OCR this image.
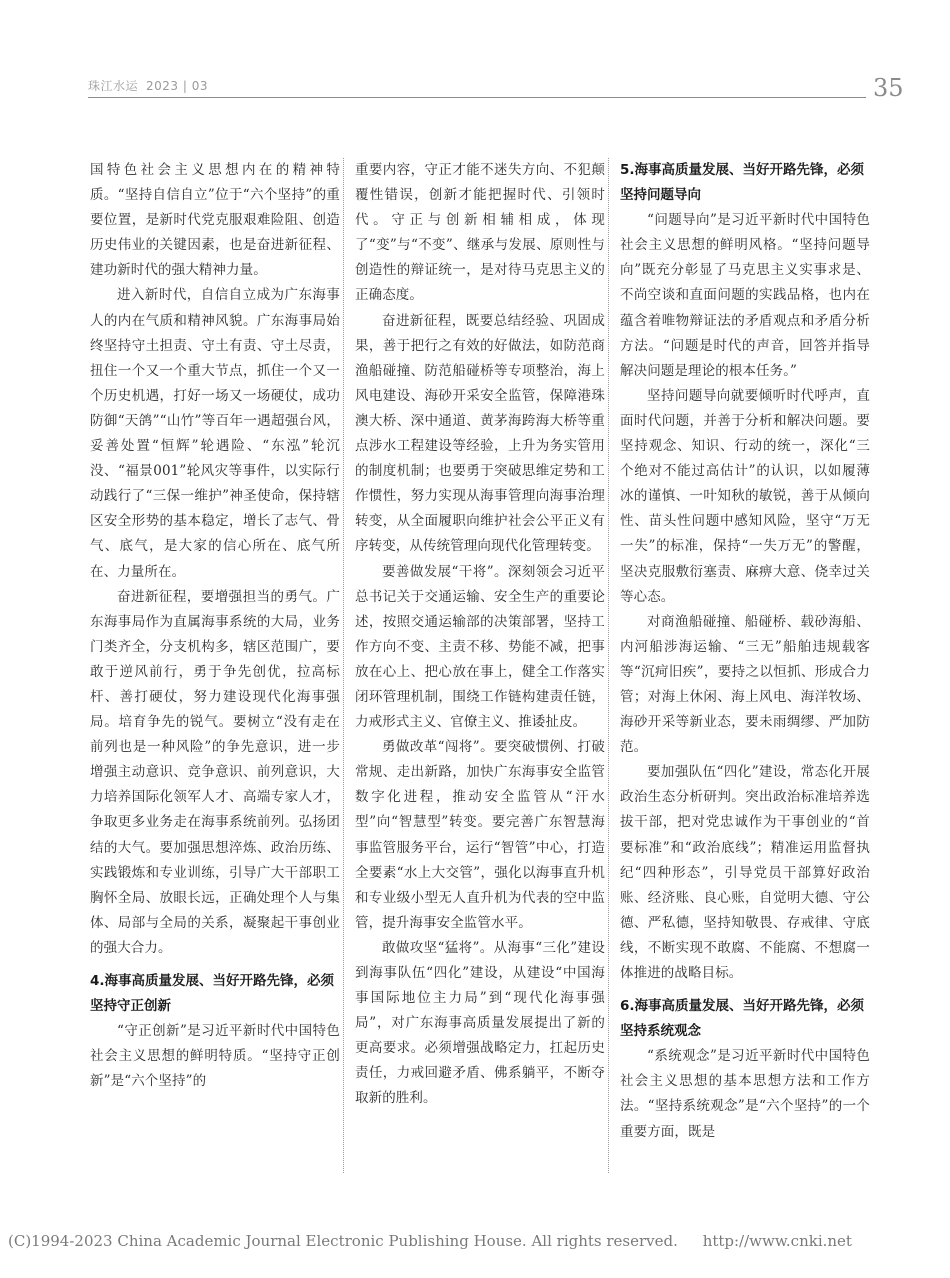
珠江水运 2023 | 03	35

国特色社会主义思想内在的精神特质。“坚持自信自立”位于“六个坚持”的重要位置，是新时代党克服艰难险阻、创造历史伟业的关键因素，也是奋进新征程、建功新时代的强大精神力量。

进入新时代，自信自立成为广东海事人的内在气质和精神风貌。广东海事局始终坚持守土担责、守土有责、守土尽责，扭住一个又一个重大节点，抓住一个又一个历史机遇，打好一场又一场硬仗，成功防御“天鸽”“山竹”等百年一遇超强台风，妥善处置“恒辉”轮遇险、“东泓”轮沉没、“福景001”轮风灾等事件，以实际行动践行了“三保一维护”神圣使命，保持辖区安全形势的基本稳定，增长了志气、骨气、底气，是大家的信心所在、底气所在、力量所在。

奋进新征程，要增强担当的勇气。广东海事局作为直属海事系统的大局，业务门类齐全，分支机构多，辖区范围广，要敢于逆风前行，勇于争先创优，拉高标杆、善打硬仗，努力建设现代化海事强局。培育争先的锐气。要树立“没有走在前列也是一种风险”的争先意识，进一步增强主动意识、竞争意识、前列意识，大力培养国际化领军人才、高端专家人才，争取更多业务走在海事系统前列。弘扬团结的大气。要加强思想淬炼、政治历练、实践锻炼和专业训练，引导广大干部职工胸怀全局、放眼长远，正确处理个人与集体、局部与全局的关系，凝聚起干事创业的强大合力。

4.海事高质量发展、当好开路先锋，必须坚持守正创新

“守正创新”是习近平新时代中国特色社会主义思想的鲜明特质。“坚持守正创新”是“六个坚持”的

重要内容，守正才能不迷失方向、不犯颠覆性错误，创新才能把握时代、引领时代。守正与创新相辅相成，体现了“变”与“不变”、继承与发展、原则性与创造性的辩证统一，是对待马克思主义的正确态度。

奋进新征程，既要总结经验、巩固成果，善于把行之有效的好做法，如防范商渔船碰撞、防范船碰桥等专项整治，海上风电建设、海砂开采安全监管，保障港珠澳大桥、深中通道、黄茅海跨海大桥等重点涉水工程建设等经验，上升为务实管用的制度机制；也要勇于突破思维定势和工作惯性，努力实现从海事管理向海事治理转变，从全面履职向维护社会公平正义有序转变，从传统管理向现代化管理转变。

要善做发展“干将”。深刻领会习近平总书记关于交通运输、安全生产的重要论述，按照交通运输部的决策部署，坚持工作方向不变、主责不移、势能不减，把事放在心上、把心放在事上，健全工作落实闭环管理机制，围绕工作链构建责任链，力戒形式主义、官僚主义、推诿扯皮。

勇做改革“闯将”。要突破惯例、打破常规、走出新路，加快广东海事安全监管数字化进程，推动安全监管从“汗水型”向“智慧型”转变。要完善广东智慧海事监管服务平台，运行“智管”中心，打造全要素“水上大交管”，强化以海事直升机和专业级小型无人直升机为代表的空中监管，提升海事安全监管水平。

敢做攻坚“猛将”。从海事“三化”建设到海事队伍“四化”建设，从建设“中国海事国际地位主力局”到“现代化海事强局”，对广东海事高质量发展提出了新的更高要求。必须增强战略定力，扛起历史责任，力戒回避矛盾、佛系躺平，不断夺取新的胜利。

5.海事高质量发展、当好开路先锋，必须坚持问题导向

“问题导向”是习近平新时代中国特色社会主义思想的鲜明风格。“坚持问题导向”既充分彰显了马克思主义实事求是、不尚空谈和直面问题的实践品格，也内在蕴含着唯物辩证法的矛盾观点和矛盾分析方法。“问题是时代的声音，回答并指导解决问题是理论的根本任务。”

坚持问题导向就要倾听时代呼声，直面时代问题，并善于分析和解决问题。要坚持观念、知识、行动的统一，深化“三个绝对不能过高估计”的认识，以如履薄冰的谨慎、一叶知秋的敏锐，善于从倾向性、苗头性问题中感知风险，坚守“万无一失”的标准，保持“一失万无”的警醒，坚决克服敷衍塞责、麻痹大意、侥幸过关等心态。

对商渔船碰撞、船碰桥、载砂海船、内河船涉海运输、“三无”船舶违规载客等“沉疴旧疾”，要持之以恒抓、形成合力管；对海上休闲、海上风电、海洋牧场、海砂开采等新业态，要未雨绸缪、严加防范。

要加强队伍“四化”建设，常态化开展政治生态分析研判。突出政治标准培养选拔干部，把对党忠诚作为干事创业的“首要标准”和“政治底线”；精准运用监督执纪“四种形态”，引导党员干部算好政治账、经济账、良心账，自觉明大德、守公德、严私德，坚持知敬畏、存戒律、守底线，不断实现不敢腐、不能腐、不想腐一体推进的战略目标。

6.海事高质量发展、当好开路先锋，必须坚持系统观念

“系统观念”是习近平新时代中国特色社会主义思想的基本思想方法和工作方法。“坚持系统观念”是“六个坚持”的一个重要方面，既是

(C)1994-2023 China Academic Journal Electronic Publishing House. All rights reserved. http://www.cnki.net
